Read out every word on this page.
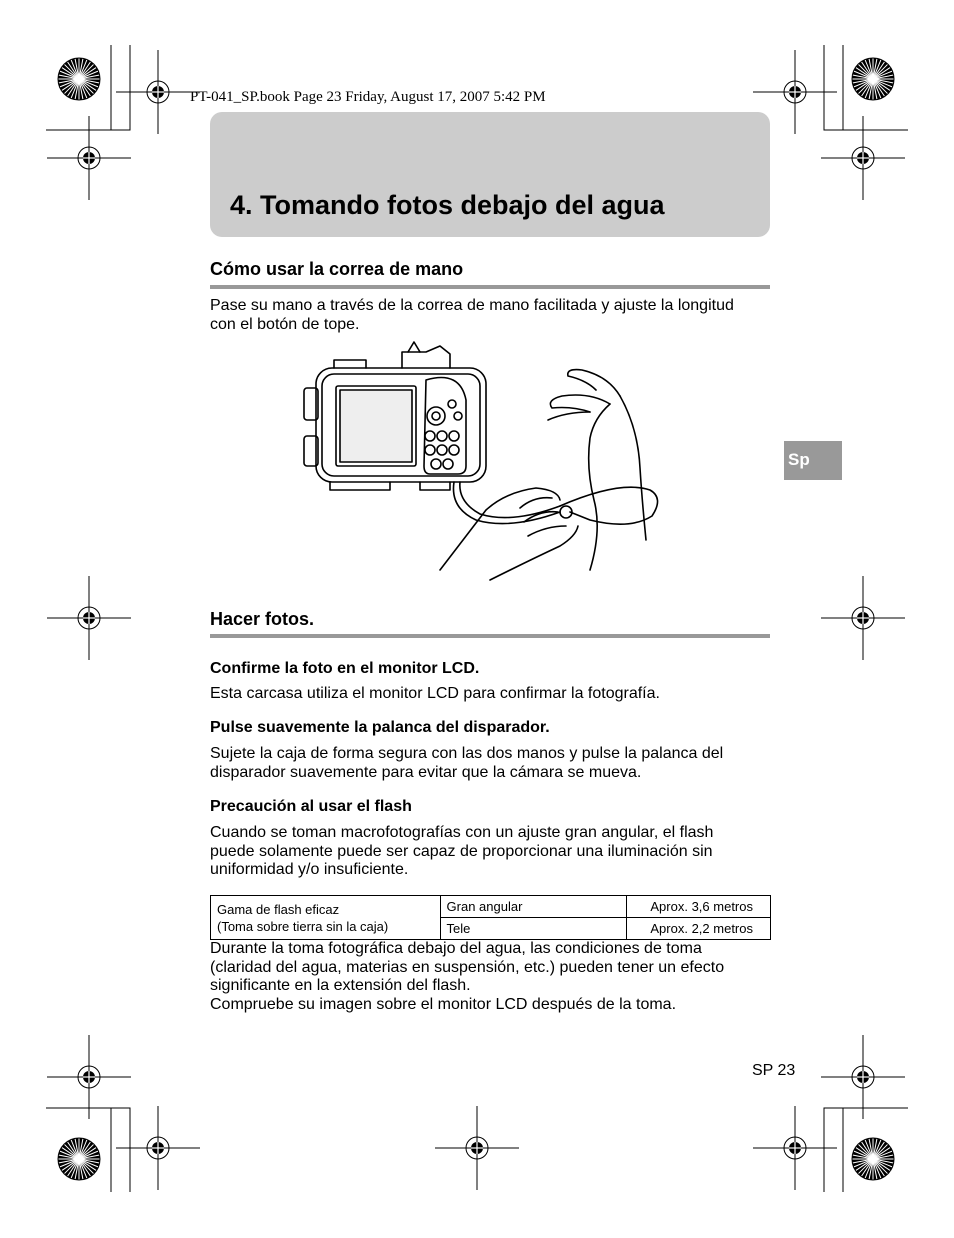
PT-041_SP.book Page 23 Friday, August 17, 2007 5:42 PM
4. Tomando fotos debajo del agua
Sp
Cómo usar la correa de mano
Pase su mano a través de la correa de mano facilitada y ajuste la longitud
con el botón de tope.
Hacer fotos.
Confirme la foto en el monitor LCD.
Esta carcasa utiliza el monitor LCD para confirmar la fotografía.
Pulse suavemente la palanca del disparador.
Sujete la caja de forma segura con las dos manos y pulse la palanca del
disparador suavemente para evitar que la cámara se mueva.
Precaución al usar el flash
Cuando se toman macrofotografías con un ajuste gran angular, el flash
puede solamente puede ser capaz de proporcionar una iluminación sin
uniformidad y/o insuficiente.
Gama de flash eficaz
(Toma sobre tierra sin la caja)	Gran angular	Aprox. 3,6 metros
	Tele	Aprox. 2,2 metros
Durante la toma fotográfica debajo del agua, las condiciones de toma
(claridad del agua, materias en suspensión, etc.) pueden tener un efecto
significante en la extensión del flash.
Compruebe su imagen sobre el monitor LCD después de la toma.
SP 23
